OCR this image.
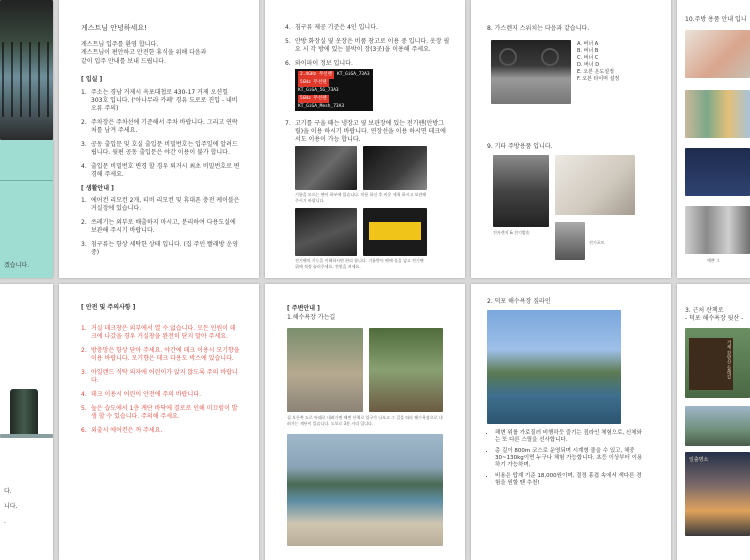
겠습니다.
다.
니다.
.

게스트님 안녕하세요!

게스트님 입주를 환영 합니다.

게스트님이 편안하고 안전한 휴식을 위해 다음과

같이 입주 안내를 보내 드립니다.

[ 입실 ]

1. 주소는 경남 거제시 옥포대첩로 430-17 거제 오션힐 303호 입니다. ('아나무라 카페' 경유 도로로 진입 - 내비 오류 주의)
2. 주차장은 주차선에 기준해서 주차 바랍니다. 그리고 연락처를 남겨 주세요.
3. 공동 출입문 및 호실 출입문 비밀번호는 입주일에 알려드립니다. 뒷편 공동 출입문은 야간 이용이 불가 합니다.
4. 출입문 비밀번호 변경 할 경우 퇴거시 최초 비밀번호로 변경해 주세요.

[ 생활안내 ]

1. 에어컨 리모컨 2개, 티비 리모컨 및 휴대폰 충전 케이블은 거실장에 있습니다.
2. 쓰레기는 외부로 배출하지 마시고, 분리하여 다용도실에 보관해 주시기 바랍니다.
3. 침구류는 항상 세탁한 상태 입니다. (집 주인 빨래방 운영중)

[ 안전 및 주의사항 ]

1. 거실 데크창은 외부에서 열 수 없습니다. 모든 인원이 데크에 나갔을 경우 거실창을 완전히 닫지 말아 주세요.
2. 방충망은 항상 닫아 주세요. 야간에 데크 이용시 모기향을 이용 바랍니다. 모기향은 데크 다용도 박스에 있습니다.
3. 아일랜드 식탁 의자에 어린이가 앉지 않도록 주의 바랍니다.
4. 데크 이용시 어린이 안전에 주의 바랍니다.
5. 높은 습도에서 1층 계단 바닥에 결로로 인해 미끄럼이 발생 할 수 있습니다. 주의해 주세요.
6. 외출시 에어컨은 꺼 주세요.
4. 침구류 제공 기준은 4인 입니다.
5. 안방 화장실 옆 옷장은 비품 창고로 이용 중 입니다. 옷장 필요 시 각 방에 있는 붙박이 장(3곳)을 이용해 주세요.
6. 와이파이 정보 입니다.
2.4GHz 무선랜 KT_GiGA_73A3
5GHz 무선랜KT_GiGA_5G_73A3
5GHz 무선랜KT_GiGA_Mesh_73A3
4bc183ck24
7. 고기를 구울 때는 냉장고 옆 보관장에 있는 전기팬(안방그릴)을 이용 하시기 바랍니다. 연장선을 이용 하시면 데크에서도 이용이 가능 합니다.
기름을 모으는 팬이 하부에 있습니다. 미용 하신 후 비운 세척 하시고 보관해 주시기 바랍니다.
전기팬의 기능을 이해하시면 편리 합니다. 기름받이 팬에 물을 넣고 전기팬 위에 적정 눌러주세요. 전원을 켜세요.
[ 주변안내 ]
1.해수욕장 가는길
집 오른쪽 도로 아래로 내려가면 해변 산책로 입구가 나오고 그 길을 따라 해수욕장으로 내려가는 계단이 있습니다. 도보로 3분 거리 입니다.
8. 가스렌지 스위치는 다음과 같습니다.
A. 버너 A
B. 버너 B
C. 버너 C
D. 버너 D
E. 오븐 온도설정
F. 오븐 타이머 설정
9. 기타 주방용품 입니다.
전자렌지 & 전기밥솥
전기포트
2. 덕포 해수욕장 짚라인
• 해변 위를 가로질러 비행하듯 즐기는 짚라인 체험으로, 신체와는 또 다른 스릴을 선사합니다.
• 총 길이 800m 코스로 운영되며 시계형 줄을 수 있고, 체중 30~130kg이면 누구나 체험 가능합니다. 초등 이상부터 이용하기 가능하며,
• 비용은 탑재 기준 18,000원이며, 절정 흥겹 속에서 색다른 경험을 원할 땐 추천!
10.주방 용품 안내 입니
예쁜 그
3. 근처 산책로
- 덕포 해수욕장 뒷산 -
거제 강망산 둘레길
일출명소
